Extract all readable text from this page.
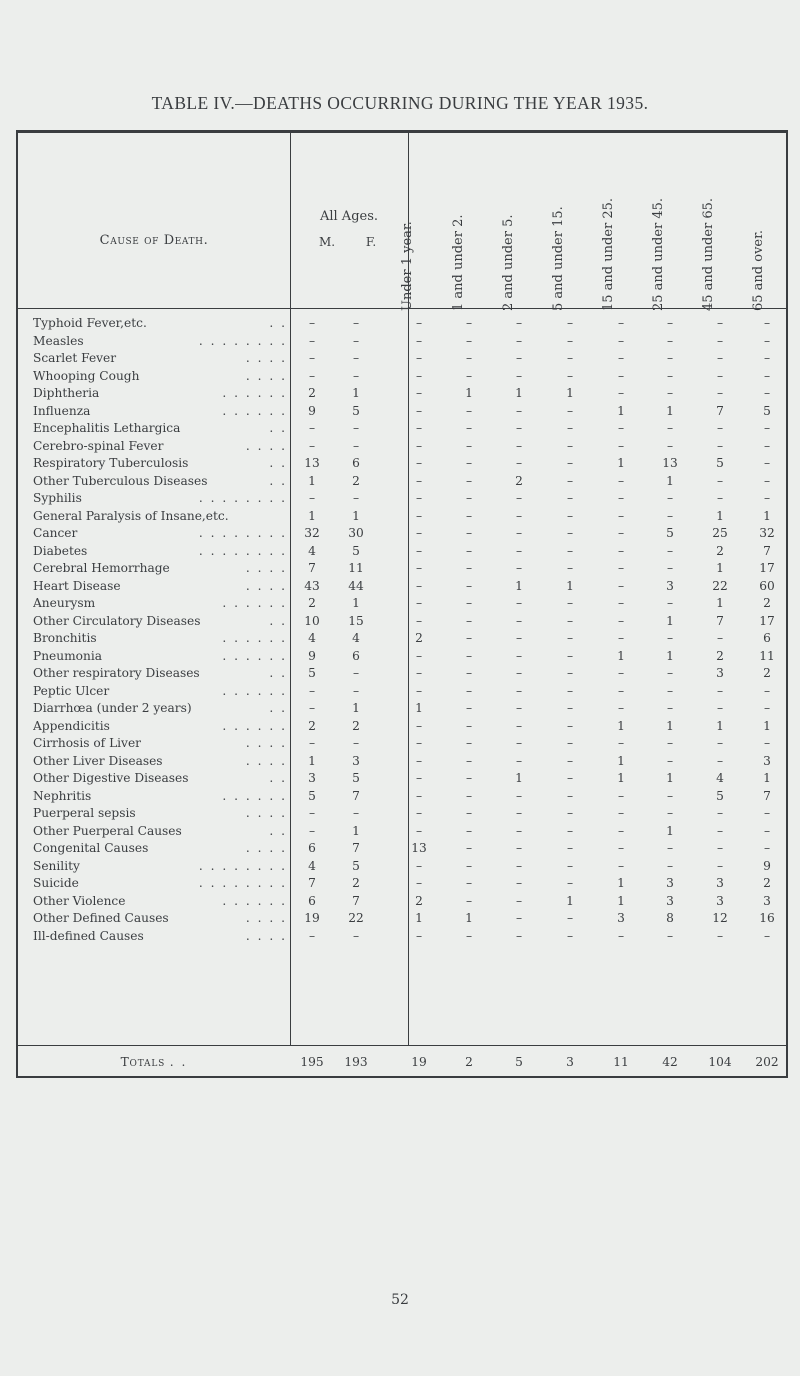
TABLE IV.—DEATHS OCCURRING DURING THE YEAR 1935.
Cause of Death.
All Ages.
M.	F.	Under 1 year.	1 and under 2.	2 and under 5.	5 and under 15.	15 and under 25.	25 and under 45.	45 and under 65.	65 and over.
Typhoid Fever,etc.	. .	–	–	–	–	–	–	–	–	–	–
Measles	. . . . . . . .	–	–	–	–	–	–	–	–	–	–
Scarlet Fever	. . . .	–	–	–	–	–	–	–	–	–	–
Whooping Cough	. . . .	–	–	–	–	–	–	–	–	–	–
Diphtheria	. . . . . .	2	1	–	1	1	1	–	–	–	–
Influenza	. . . . . .	9	5	–	–	–	–	1	1	7	5
Encephalitis Lethargica	. .	–	–	–	–	–	–	–	–	–	–
Cerebro-spinal Fever	. . . .	–	–	–	–	–	–	–	–	–	–
Respiratory Tuberculosis	. .	13	6	–	–	–	–	1	13	5	–
Other Tuberculous Diseases	. .	1	2	–	–	2	–	–	1	–	–
Syphilis	. . . . . . . .	–	–	–	–	–	–	–	–	–	–
General Paralysis of Insane,etc.	1	1	–	–	–	–	–	–	1	1
Cancer	. . . . . . . .	32	30	–	–	–	–	–	5	25	32
Diabetes	. . . . . . . .	4	5	–	–	–	–	–	–	2	7
Cerebral Hemorrhage	. . . .	7	11	–	–	–	–	–	–	1	17
Heart Disease	. . . .	43	44	–	–	1	1	–	3	22	60
Aneurysm	. . . . . .	2	1	–	–	–	–	–	–	1	2
Other Circulatory Diseases	. .	10	15	–	–	–	–	–	1	7	17
Bronchitis	. . . . . .	4	4	2	–	–	–	–	–	–	6
Pneumonia	. . . . . .	9	6	–	–	–	–	1	1	2	11
Other respiratory Diseases	. .	5	–	–	–	–	–	–	–	3	2
Peptic Ulcer	. . . . . .	–	–	–	–	–	–	–	–	–	–
Diarrhœa (under 2 years)	. .	–	1	1	–	–	–	–	–	–	–
Appendicitis	. . . . . .	2	2	–	–	–	–	1	1	1	1
Cirrhosis of Liver	. . . .	–	–	–	–	–	–	–	–	–	–
Other Liver Diseases	. . . .	1	3	–	–	–	–	1	–	–	3
Other Digestive Diseases	. .	3	5	–	–	1	–	1	1	4	1
Nephritis	. . . . . .	5	7	–	–	–	–	–	–	5	7
Puerperal sepsis	. . . .	–	–	–	–	–	–	–	–	–	–
Other Puerperal Causes	. .	–	1	–	–	–	–	–	1	–	–
Congenital Causes	. . . .	6	7	13	–	–	–	–	–	–	–
Senility	. . . . . . . .	4	5	–	–	–	–	–	–	–	9
Suicide	. . . . . . . .	7	2	–	–	–	–	1	3	3	2
Other Violence	. . . . . .	6	7	2	–	–	1	1	3	3	3
Other Defined Causes	. . . .	19	22	1	1	–	–	3	8	12	16
Ill-defined Causes	. . . .	–	–	–	–	–	–	–	–	–	–
Totals . .	195	193	19	2	5	3	11	42	104	202
52
